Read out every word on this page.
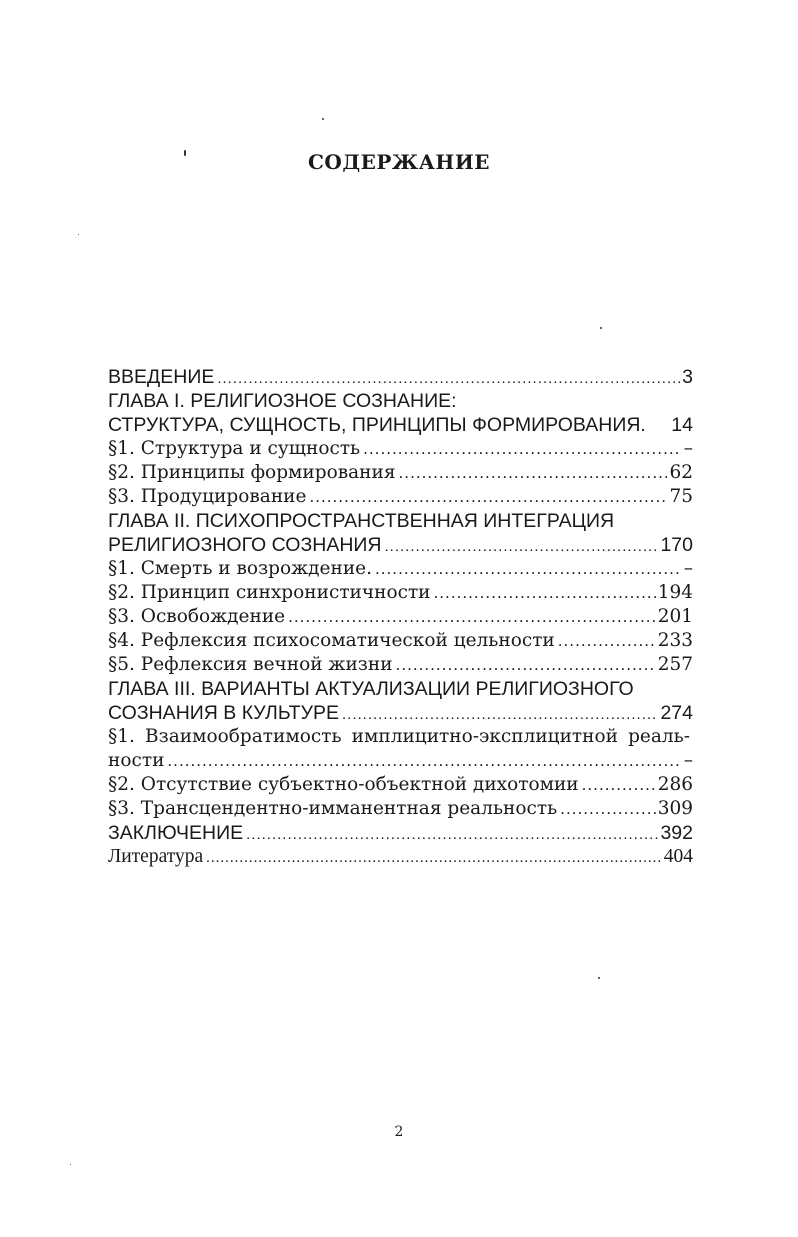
СОДЕРЖАНИЕ
ВВЕДЕНИЕ .....	3
ГЛАВА I. РЕЛИГИОЗНОЕ СОЗНАНИЕ:
СТРУКТУРА, СУЩНОСТЬ, ПРИНЦИПЫ ФОРМИРОВАНИЯ. 14
§1. Структура и сущность .....	–
§2. Принципы формирования .....	62
§3. Продуцирование .....	75
ГЛАВА II. ПСИХОПРОСТРАНСТВЕННАЯ ИНТЕГРАЦИЯ
РЕЛИГИОЗНОГО СОЗНАНИЯ .....	170
§1. Смерть и возрождение. .....	–
§2. Принцип синхронистичности .....	194
§3. Освобождение .....	201
§4. Рефлексия психосоматической цельности .....	233
§5. Рефлексия вечной жизни .....	257
ГЛАВА III. ВАРИАНТЫ АКТУАЛИЗАЦИИ РЕЛИГИОЗНОГО
СОЗНАНИЯ В КУЛЬТУРЕ .....	274
§1. Взаимообратимость имплицитно-эксплицитной реаль-
ности .....	–
§2. Отсутствие субъектно-объектной дихотомии .....	286
§3. Трансцендентно-имманентная реальность .....	309
ЗАКЛЮЧЕНИЕ .....	392
Литература .....	404
2
